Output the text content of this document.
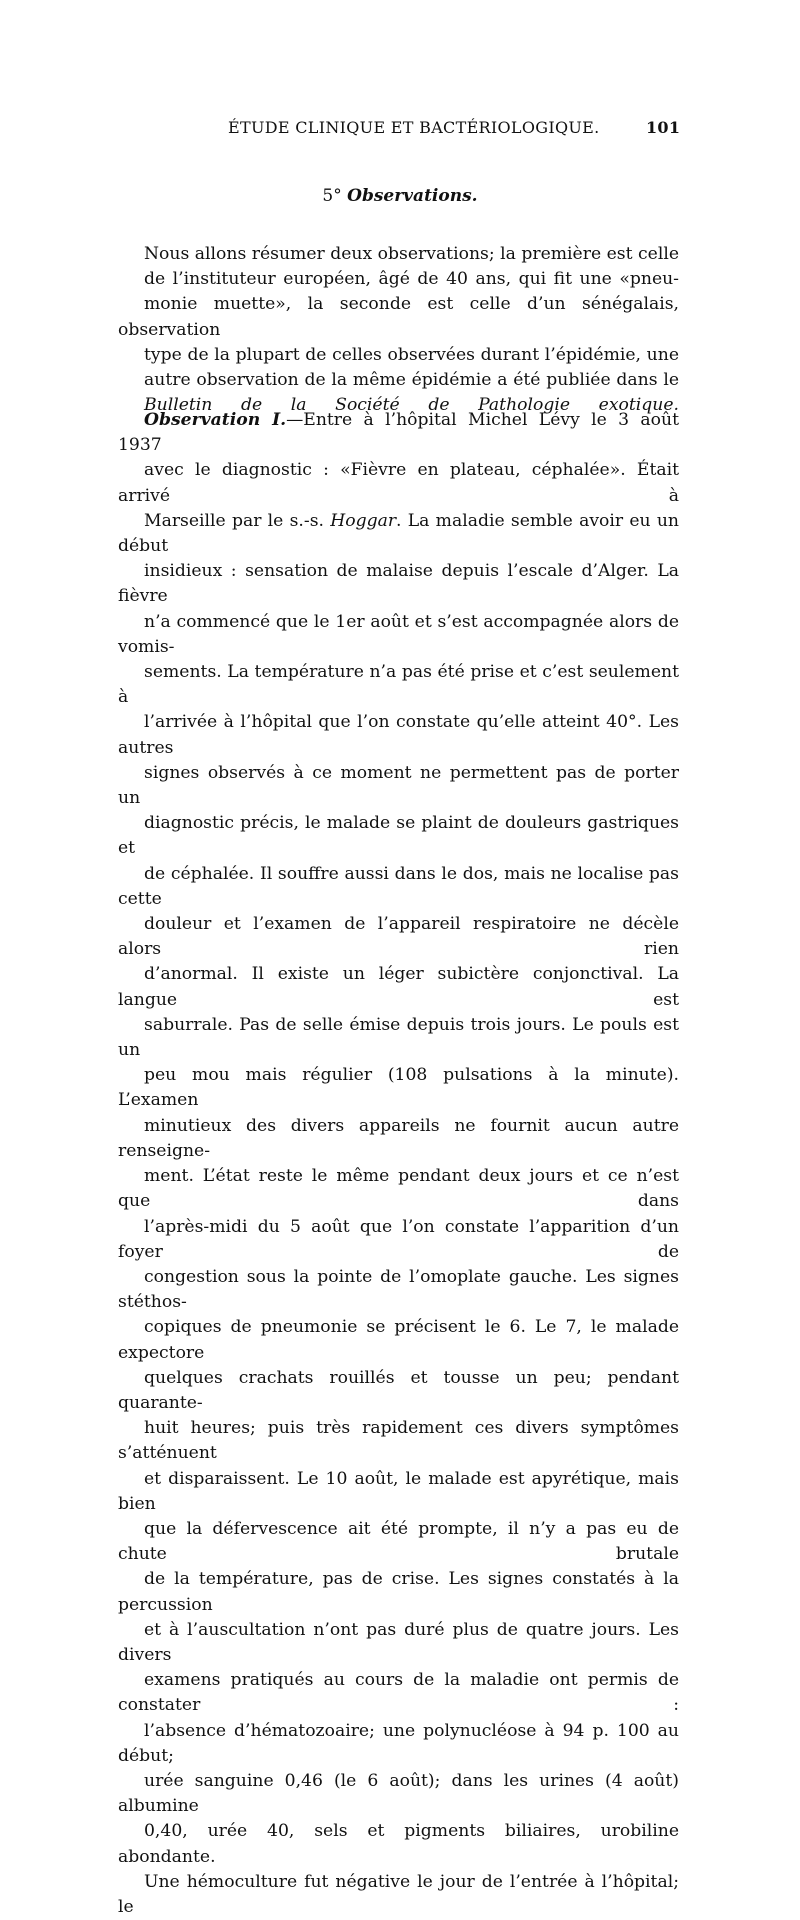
ÉTUDE CLINIQUE ET BACTÉRIOLOGIQUE.	101
5° Observations.
Nous allons résumer deux observations; la première est celle
de l’instituteur européen, âgé de 40 ans, qui fit une «pneu-
monie muette», la seconde est celle d’un sénégalais, observation
type de la plupart de celles observées durant l’épidémie, une
autre observation de la même épidémie a été publiée dans le
Bulletin de la Société de Pathologie exotique.
Observation I.—Entre à l’hôpital Michel Lévy le 3 août 1937
avec le diagnostic : «Fièvre en plateau, céphalée». Était arrivé à
Marseille par le s.-s. Hoggar. La maladie semble avoir eu un début
insidieux : sensation de malaise depuis l’escale d’Alger. La fièvre
n’a commencé que le 1er août et s’est accompagnée alors de vomis-
sements. La température n’a pas été prise et c’est seulement à
l’arrivée à l’hôpital que l’on constate qu’elle atteint 40°. Les autres
signes observés à ce moment ne permettent pas de porter un
diagnostic précis, le malade se plaint de douleurs gastriques et
de céphalée. Il souffre aussi dans le dos, mais ne localise pas cette
douleur et l’examen de l’appareil respiratoire ne décèle alors rien
d’anormal. Il existe un léger subictère conjonctival. La langue est
saburrale. Pas de selle émise depuis trois jours. Le pouls est un
peu mou mais régulier (108 pulsations à la minute). L’examen
minutieux des divers appareils ne fournit aucun autre renseigne-
ment. L’état reste le même pendant deux jours et ce n’est que dans
l’après-midi du 5 août que l’on constate l’apparition d’un foyer de
congestion sous la pointe de l’omoplate gauche. Les signes stéthos-
copiques de pneumonie se précisent le 6. Le 7, le malade expectore
quelques crachats rouillés et tousse un peu; pendant quarante-
huit heures; puis très rapidement ces divers symptômes s’atténuent
et disparaissent. Le 10 août, le malade est apyrétique, mais bien
que la défervescence ait été prompte, il n’y a pas eu de chute brutale
de la température, pas de crise. Les signes constatés à la percussion
et à l’auscultation n’ont pas duré plus de quatre jours. Les divers
examens pratiqués au cours de la maladie ont permis de constater :
l’absence d’hématozoaire; une polynucléose à 94 p. 100 au début;
urée sanguine 0,46 (le 6 août); dans les urines (4 août) albumine
0,40, urée 40, sels et pigments biliaires, urobiline abondante.
Une hémoculture fut négative le jour de l’entrée à l’hôpital; le
